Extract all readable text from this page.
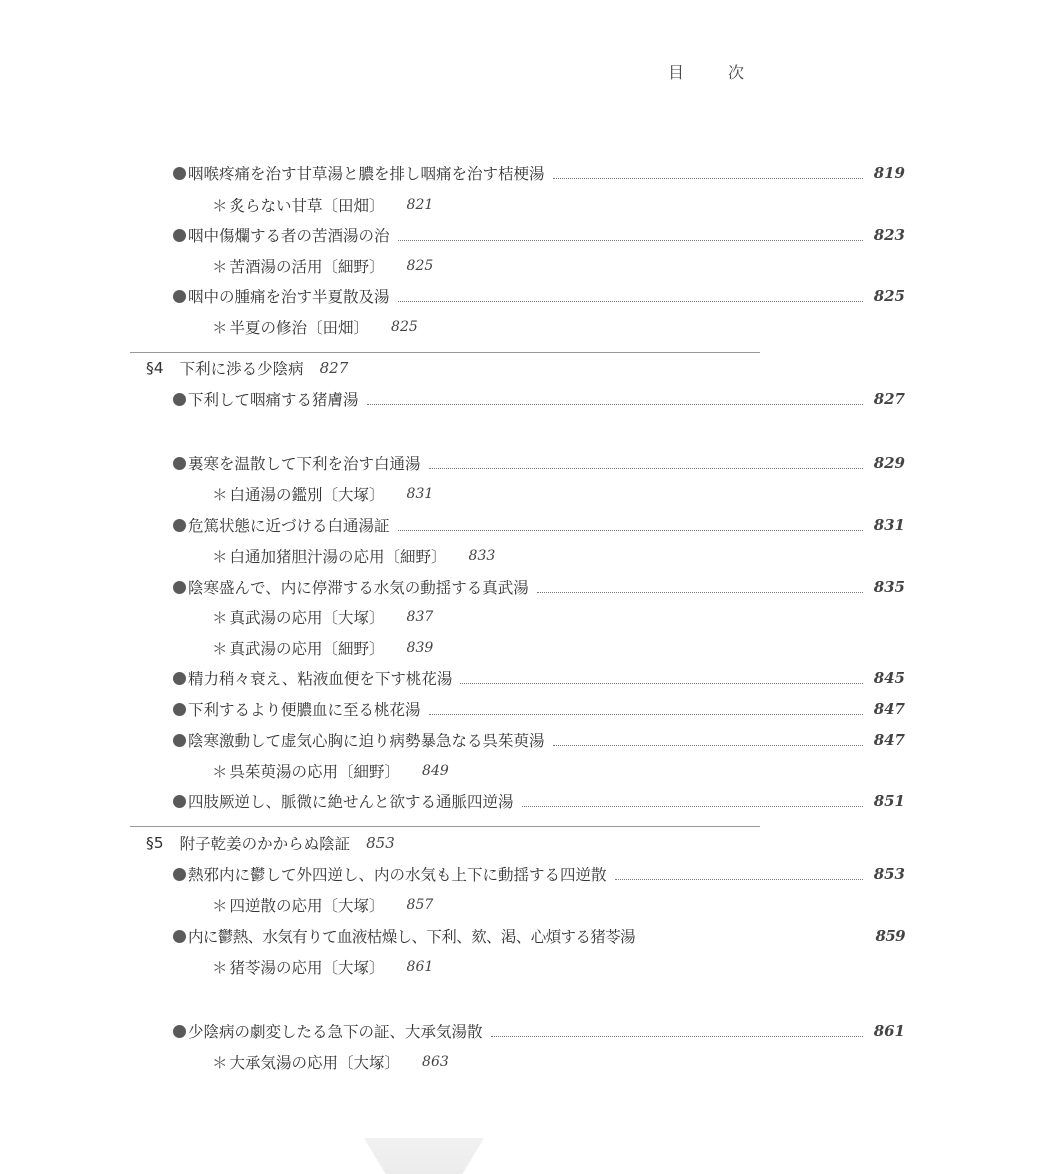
目	次
咽喉疼痛を治す甘草湯と膿を排し咽痛を治す桔梗湯	819
＊ 炙らない甘草〔田畑〕 821
咽中傷爛する者の苦酒湯の治	823
＊ 苦酒湯の活用〔細野〕 825
咽中の腫痛を治す半夏散及湯	825
＊ 半夏の修治〔田畑〕 825
§4 下利に渉る少陰病 827
下利して咽痛する猪膚湯	827
裏寒を温散して下利を治す白通湯	829
＊ 白通湯の鑑別〔大塚〕 831
危篤状態に近づける白通湯証	831
＊ 白通加猪胆汁湯の応用〔細野〕 833
陰寒盛んで、内に停滞する水気の動揺する真武湯	835
＊ 真武湯の応用〔大塚〕 837
＊ 真武湯の応用〔細野〕 839
精力稍々衰え、粘液血便を下す桃花湯	845
下利するより便膿血に至る桃花湯	847
陰寒激動して虚気心胸に迫り病勢暴急なる呉茱萸湯	847
＊ 呉茱萸湯の応用〔細野〕 849
四肢厥逆し、脈微に絶せんと欲する通脈四逆湯	851
§5 附子乾姜のかからぬ陰証 853
熱邪内に鬱して外四逆し、内の水気も上下に動揺する四逆散	853
＊ 四逆散の応用〔大塚〕 857
内に鬱熱、水気有りて血液枯燥し、下利、欬、渇、心煩する猪苓湯	859
＊ 猪苓湯の応用〔大塚〕 861
少陰病の劇変したる急下の証、大承気湯散	861
＊ 大承気湯の応用〔大塚〕 863
